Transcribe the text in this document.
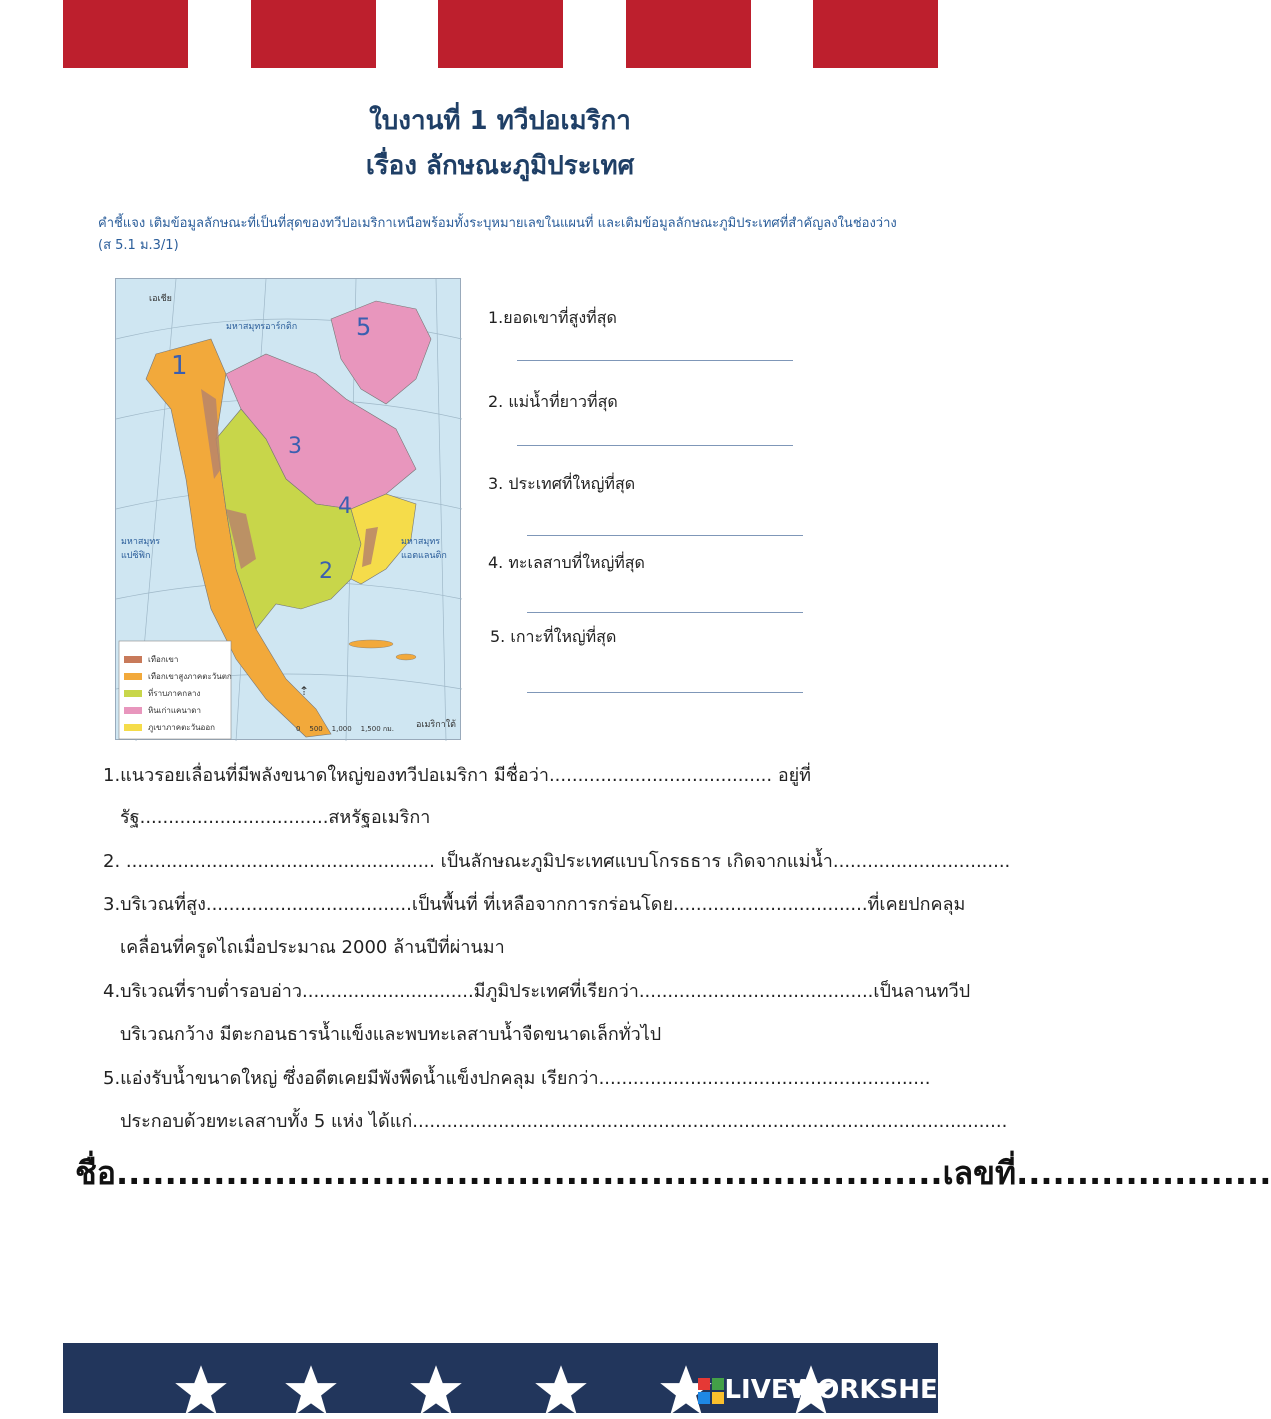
ใบงานที่ 1 ทวีปอเมริกา
เรื่อง ลักษณะภูมิประเทศ
คำชี้แจง เติมข้อมูลลักษณะที่เป็นที่สุดของทวีปอเมริกาเหนือพร้อมทั้งระบุหมายเลขในแผนที่ และเติมข้อมูลลักษณะภูมิประเทศที่สำคัญลงในช่องว่าง (ส 5.1 ม.3/1)
เอเชีย
มหาสมุทรอาร์กติก
มหาสมุทร แปซิฟิก
มหาสมุทร แอตแลนติก
อเมริกาใต้
1
2
3
4
5
เทือกเขา
เทือกเขาสูงภาคตะวันตก
ที่ราบภาคกลาง
หินเก่าแคนาดา
ภูเขาภาคตะวันออก	0 500 1,000 1,500 กม.
⇡
1.ยอดเขาที่สูงที่สุด
2. แม่น้ำที่ยาวที่สุด
3. ประเทศที่ใหญ่ที่สุด
4. ทะเลสาบที่ใหญ่ที่สุด
5. เกาะที่ใหญ่ที่สุด
1.แนวรอยเลื่อนที่มีพลังขนาดใหญ่ของทวีปอเมริกา มีชื่อว่า....................................... อยู่ที่
รัฐ.................................สหรัฐอเมริกา
2. ...................................................... เป็นลักษณะภูมิประเทศแบบโกรธธาร เกิดจากแม่น้ำ...............................
3.บริเวณที่สูง....................................เป็นพื้นที่ ที่เหลือจากการกร่อนโดย..................................ที่เคยปกคลุม
เคลื่อนที่ครูดไถเมื่อประมาณ 2000 ล้านปีที่ผ่านมา
4.บริเวณที่ราบต่ำรอบอ่าว..............................มีภูมิประเทศที่เรียกว่า.........................................เป็นลานทวีป
บริเวณกว้าง มีตะกอนธารน้ำแข็งและพบทะเลสาบน้ำจืดขนาดเล็กทั่วไป
5.แอ่งรับน้ำขนาดใหญ่ ซึ่งอดีตเคยมีพังพืดน้ำแข็งปกคลุม เรียกว่า..........................................................
ประกอบด้วยทะเลสาบทั้ง 5 แห่ง ได้แก่........................................................................................................
ชื่อ....................................................................เลขที่.....................
LIVEWORKSHEETS
